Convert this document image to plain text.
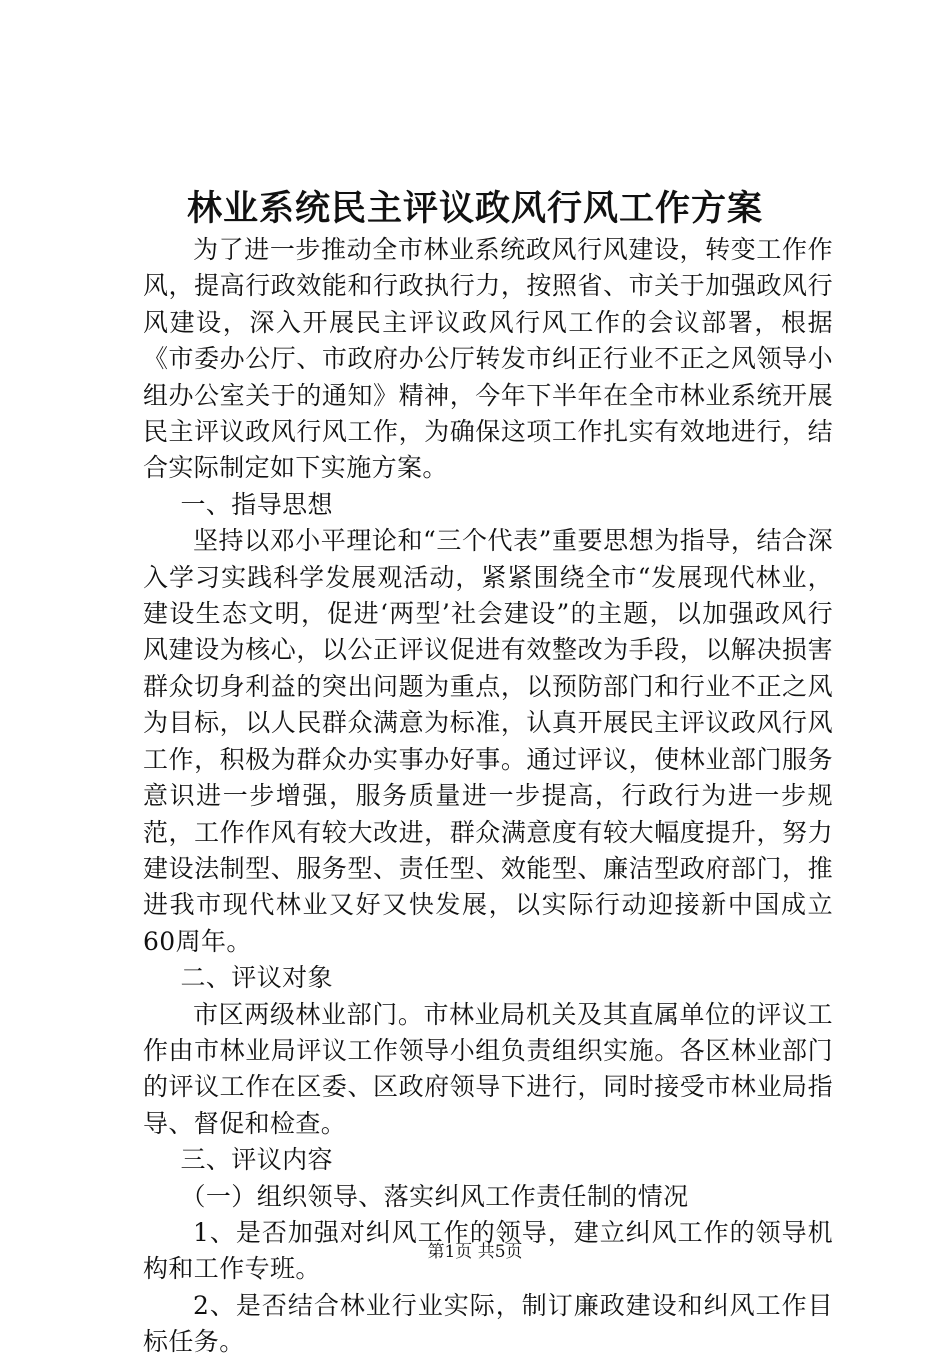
林业系统民主评议政风行风工作方案

为了进一步推动全市林业系统政风行风建设，转变工作作风，提高行政效能和行政执行力，按照省、市关于加强政风行风建设，深入开展民主评议政风行风工作的会议部署，根据《市委办公厅、市政府办公厅转发市纠正行业不正之风领导小组办公室关于的通知》精神，今年下半年在全市林业系统开展民主评议政风行风工作，为确保这项工作扎实有效地进行，结合实际制定如下实施方案。

一、指导思想

坚持以邓小平理论和“三个代表”重要思想为指导，结合深入学习实践科学发展观活动，紧紧围绕全市“发展现代林业，建设生态文明，促进‘两型’社会建设”的主题，以加强政风行风建设为核心，以公正评议促进有效整改为手段，以解决损害群众切身利益的突出问题为重点，以预防部门和行业不正之风为目标，以人民群众满意为标准，认真开展民主评议政风行风工作，积极为群众办实事办好事。通过评议，使林业部门服务意识进一步增强，服务质量进一步提高，行政行为进一步规范，工作作风有较大改进，群众满意度有较大幅度提升，努力建设法制型、服务型、责任型、效能型、廉洁型政府部门，推进我市现代林业又好又快发展，以实际行动迎接新中国成立60周年。

二、评议对象

市区两级林业部门。市林业局机关及其直属单位的评议工作由市林业局评议工作领导小组负责组织实施。各区林业部门的评议工作在区委、区政府领导下进行，同时接受市林业局指导、督促和检查。

三、评议内容

（一）组织领导、落实纠风工作责任制的情况

1、是否加强对纠风工作的领导，建立纠风工作的领导机构和工作专班。

2、是否结合林业行业实际，制订廉政建设和纠风工作目标任务。

第1页 共5页
